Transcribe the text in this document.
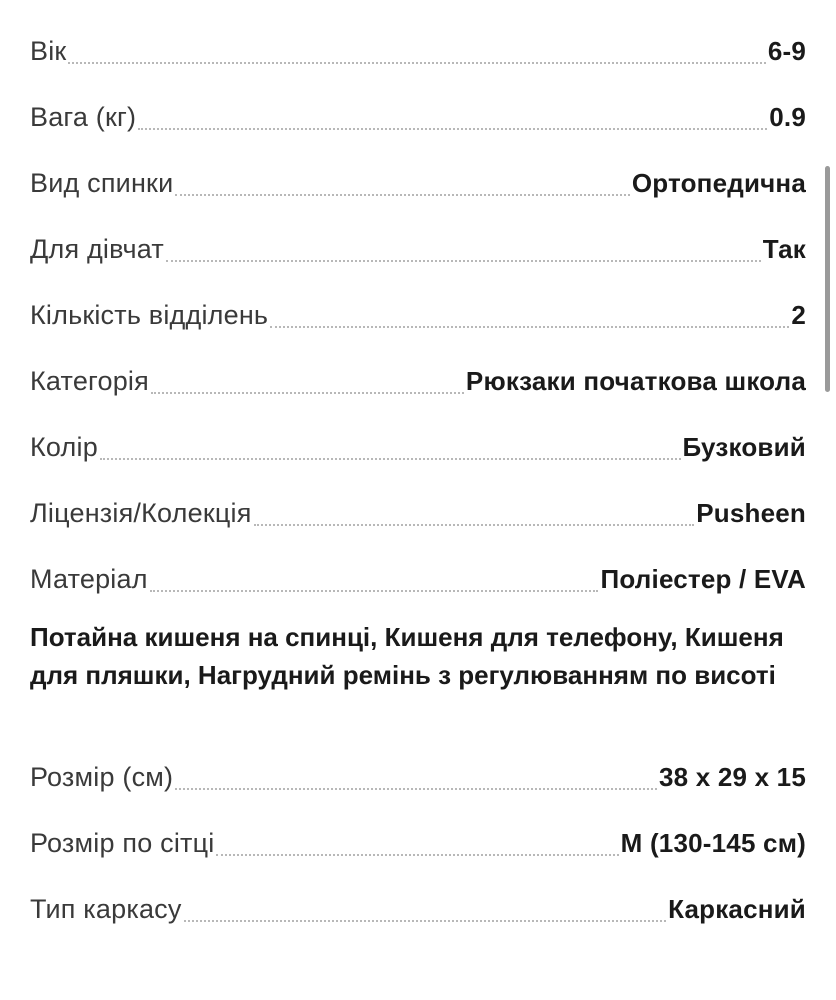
Вік	6-9
Вага (кг)	0.9
Вид спинки	Ортопедична
Для дівчат	Так
Кількість відділень	2
Категорія	Рюкзаки початкова школа
Колір	Бузковий
Ліцензія/Колекція	Pusheen
Матеріал	Поліестер / EVA
Потайна кишеня на спинці, Кишеня для телефону, Кишеня для пляшки, Нагрудний ремінь з регулюванням по висоті
Розмір (см)	38 х 29 х 15
Розмір по сітці	M (130-145 см)
Тип каркасу	Каркасний
